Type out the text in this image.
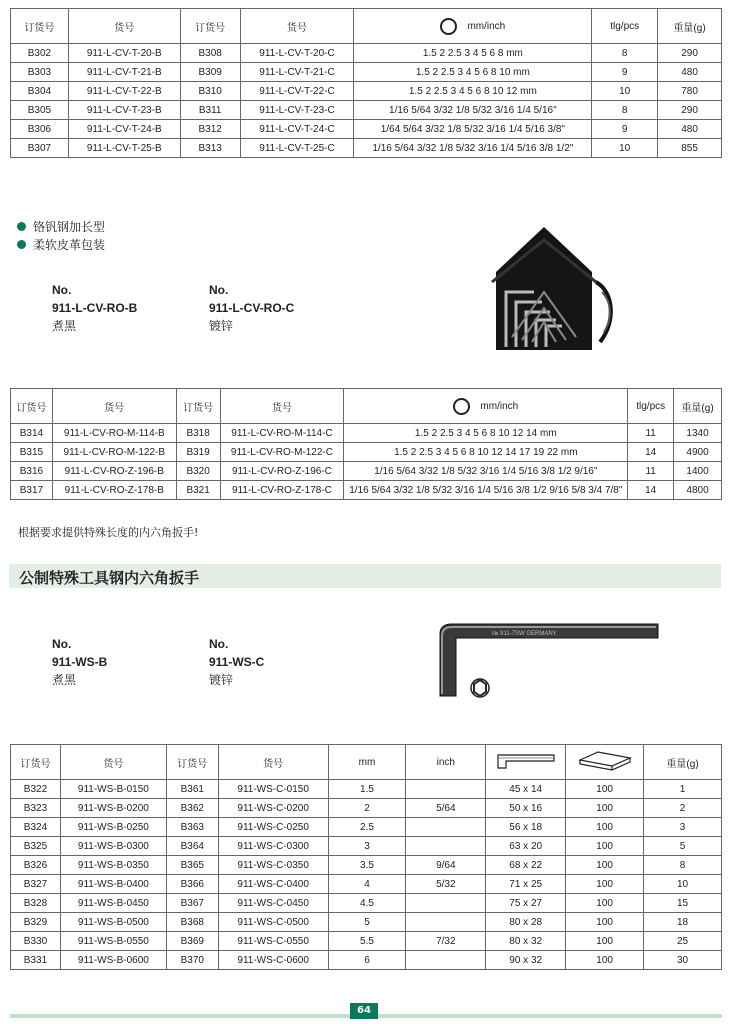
订货号	货号	订货号	货号	mm/inch	tlg/pcs	重量(g)
B302	911-L-CV-T-20-B	B308	911-L-CV-T-20-C	1.5 2 2.5 3 4 5 6 8 mm	8	290
B303	911-L-CV-T-21-B	B309	911-L-CV-T-21-C	1.5 2 2.5 3 4 5 6 8 10 mm	9	480
B304	911-L-CV-T-22-B	B310	911-L-CV-T-22-C	1.5 2 2.5 3 4 5 6 8 10 12 mm	10	780
B305	911-L-CV-T-23-B	B311	911-L-CV-T-23-C	1/16 5/64 3/32 1/8 5/32 3/16 1/4 5/16"	8	290
B306	911-L-CV-T-24-B	B312	911-L-CV-T-24-C	1/64 5/64 3/32 1/8 5/32 3/16 1/4 5/16 3/8"	9	480
B307	911-L-CV-T-25-B	B313	911-L-CV-T-25-C	1/16 5/64 3/32 1/8 5/32 3/16 1/4 5/16 3/8 1/2"	10	855
铬钒钢加长型
柔软皮革包装
No.
911-L-CV-RO-B
煮黑
No.
911-L-CV-RO-C
镀锌
订货号	货号	订货号	货号	mm/inch	tlg/pcs	重量(g)
B314	911-L-CV-RO-M-114-B	B318	911-L-CV-RO-M-114-C	1.5 2 2.5 3 4 5 6 8 10 12 14 mm	11	1340
B315	911-L-CV-RO-M-122-B	B319	911-L-CV-RO-M-122-C	1.5 2 2.5 3 4 5 6 8 10 12 14 17 19 22 mm	14	4900
B316	911-L-CV-RO-Z-196-B	B320	911-L-CV-RO-Z-196-C	1/16 5/64 3/32 1/8 5/32 3/16 1/4 5/16 3/8 1/2 9/16"	11	1400
B317	911-L-CV-RO-Z-178-B	B321	911-L-CV-RO-Z-178-C	1/16 5/64 3/32 1/8 5/32 3/16 1/4 5/16 3/8 1/2 9/16 5/8 3/4 7/8"	14	4800
根据要求提供特殊长度的内六角扳手!
公制特殊工具钢内六角扳手
No.
911-WS-B
煮黑
No.
911-WS-C
镀锌
№ 911-7SW GERMANY
订货号	货号	订货号	货号	mm	inch			重量(g)
B322	911-WS-B-0150	B361	911-WS-C-0150	1.5		45 x 14	100	1
B323	911-WS-B-0200	B362	911-WS-C-0200	2	5/64	50 x 16	100	2
B324	911-WS-B-0250	B363	911-WS-C-0250	2.5		56 x 18	100	3
B325	911-WS-B-0300	B364	911-WS-C-0300	3		63 x 20	100	5
B326	911-WS-B-0350	B365	911-WS-C-0350	3.5	9/64	68 x 22	100	8
B327	911-WS-B-0400	B366	911-WS-C-0400	4	5/32	71 x 25	100	10
B328	911-WS-B-0450	B367	911-WS-C-0450	4.5		75 x 27	100	15
B329	911-WS-B-0500	B368	911-WS-C-0500	5		80 x 28	100	18
B330	911-WS-B-0550	B369	911-WS-C-0550	5.5	7/32	80 x 32	100	25
B331	911-WS-B-0600	B370	911-WS-C-0600	6		90 x 32	100	30
64
